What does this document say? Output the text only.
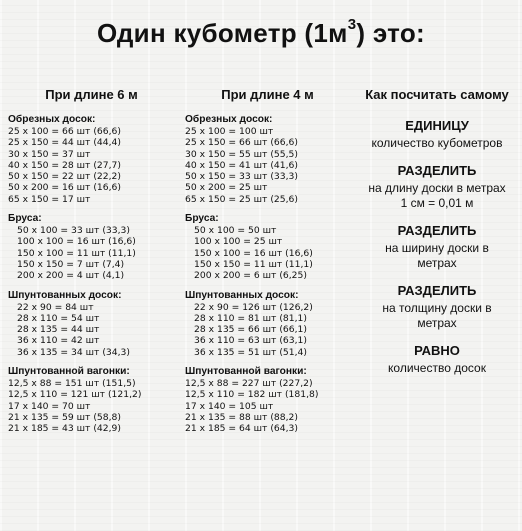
Один кубометр $(1м^3)$ это:
При длине 6 м
Обрезных досок:
25 x 100 = 66 шт (66,6)
25 x 150 = 44 шт (44,4)
30 x 150 = 37 шт
40 x 150 = 28 шт (27,7)
50 x 150 = 22 шт (22,2)
50 x 200 = 16 шт (16,6)
65 x 150 = 17 шт
Бруса:
50 x 100 = 33 шт (33,3)
100 x 100 = 16 шт (16,6)
150 x 100 = 11 шт (11,1)
150 x 150 = 7 шт (7,4)
200 x 200 = 4 шт (4,1)
Шпунтованных досок:
22 x 90 = 84 шт
28 x 110 = 54 шт
28 x 135 = 44 шт
36 x 110 = 42 шт
36 x 135 = 34 шт (34,3)
Шпунтованной вагонки:
12,5 x 88 = 151 шт (151,5)
12,5 x 110 = 121 шт (121,2)
17 x 140 = 70 шт
21 x 135 = 59 шт (58,8)
21 x 185 = 43 шт (42,9)
При длине 4 м
Обрезных досок:
25 x 100 = 100 шт
25 x 150 = 66 шт (66,6)
30 x 150 = 55 шт (55,5)
40 x 150 = 41 шт (41,6)
50 x 150 = 33 шт (33,3)
50 x 200 = 25 шт
65 x 150 = 25 шт (25,6)
Бруса:
50 x 100 = 50 шт
100 x 100 = 25 шт
150 x 100 = 16 шт (16,6)
150 x 150 = 11 шт (11,1)
200 x 200 = 6 шт (6,25)
Шпунтованных досок:
22 x 90 = 126 шт (126,2)
28 x 110 = 81 шт (81,1)
28 x 135 = 66 шт (66,1)
36 x 110 = 63 шт (63,1)
36 x 135 = 51 шт (51,4)
Шпунтованной вагонки:
12,5 x 88 = 227 шт (227,2)
12,5 x 110 = 182 шт (181,8)
17 x 140 = 105 шт
21 x 135 = 88 шт (88,2)
21 x 185 = 64 шт (64,3)
Как посчитать самому
ЕДИНИЦУ
количество кубометров
РАЗДЕЛИТЬ
на длину доски в метрах
1 см = 0,01 м
РАЗДЕЛИТЬ
на ширину доски в
метрах
РАЗДЕЛИТЬ
на толщину доски в
метрах
РАВНО
количество досок
